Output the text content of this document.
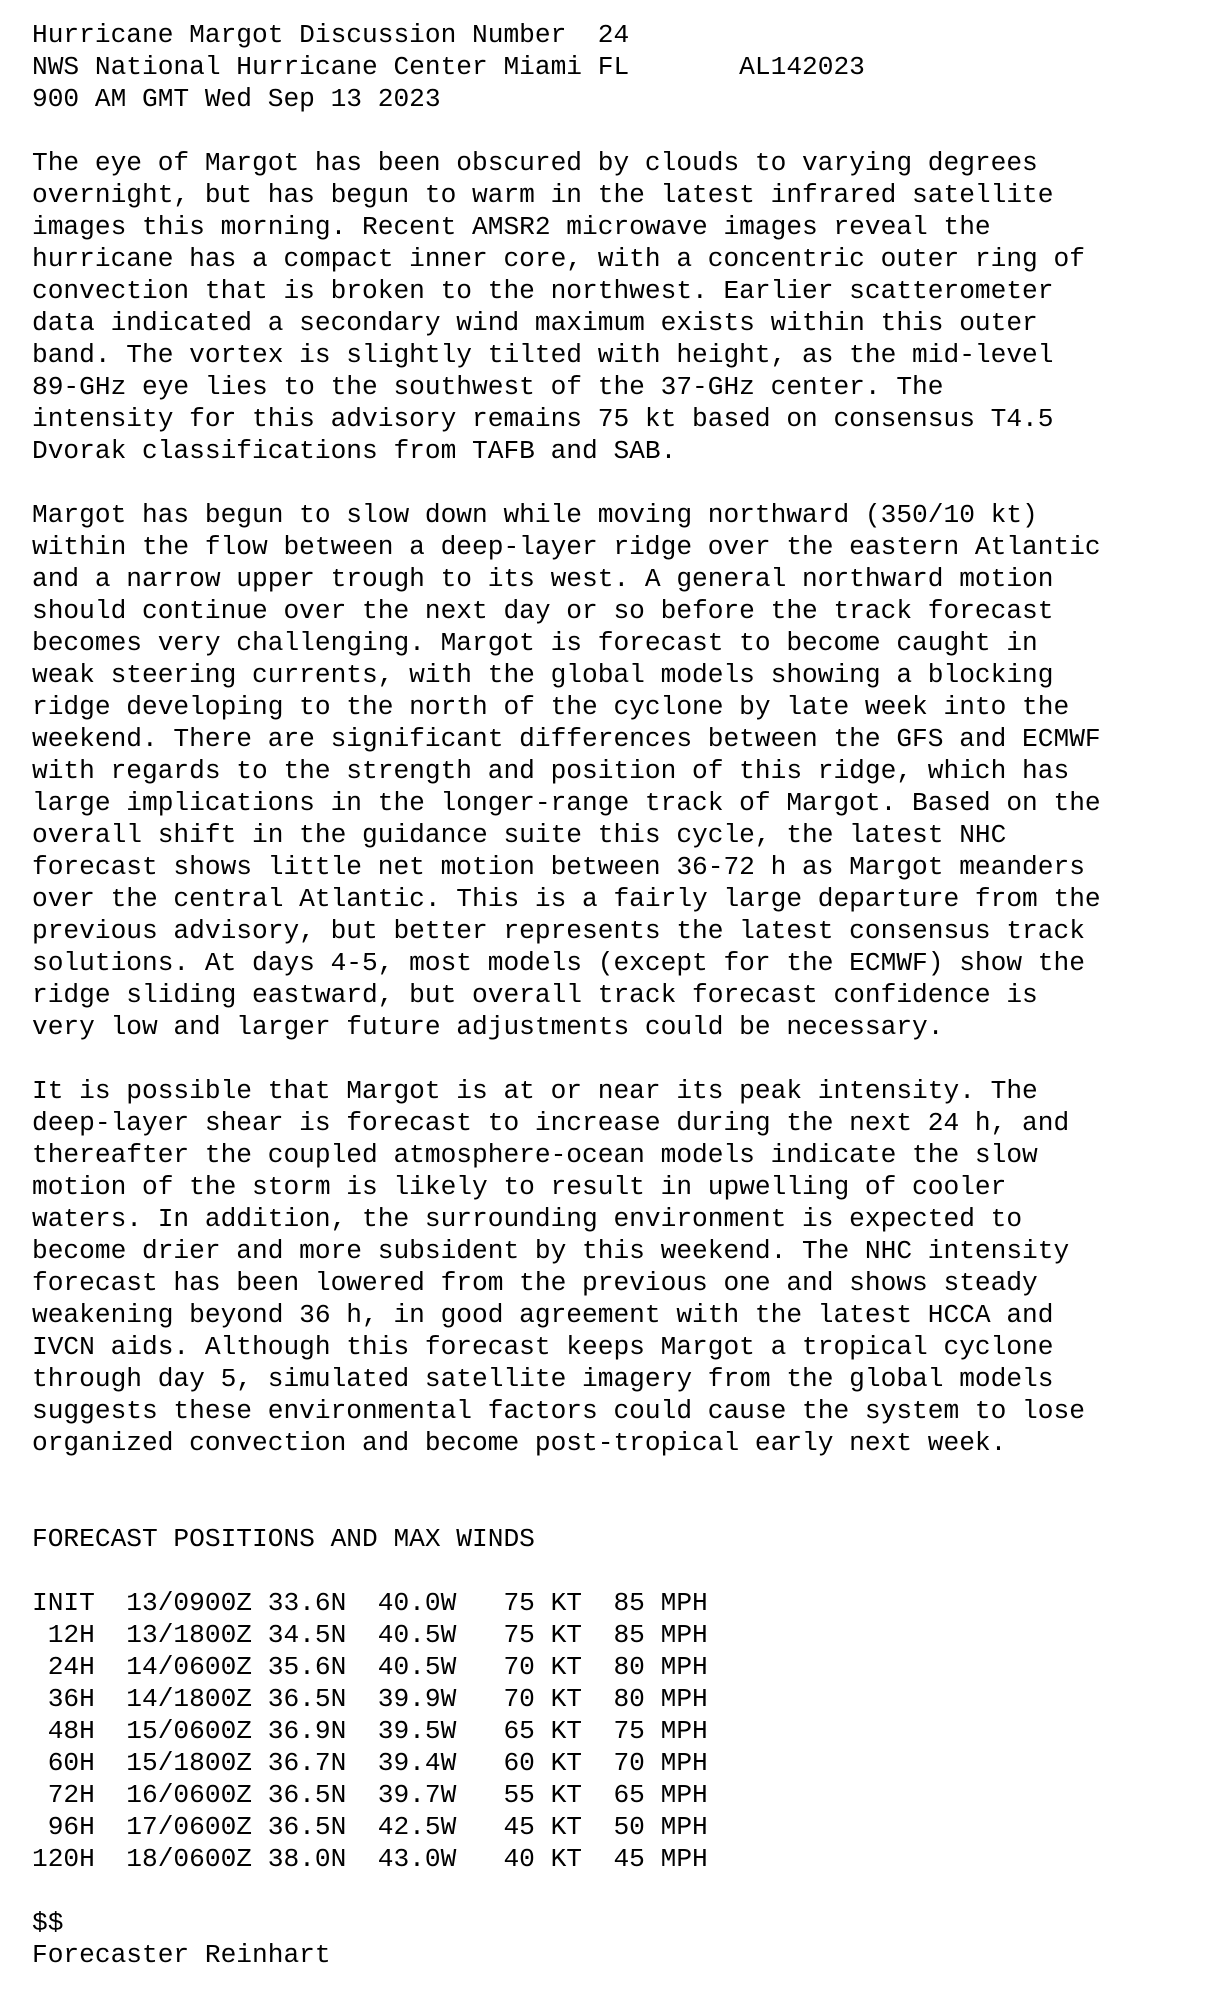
Hurricane Margot Discussion Number  24
NWS National Hurricane Center Miami FL       AL142023
900 AM GMT Wed Sep 13 2023
The eye of Margot has been obscured by clouds to varying degrees
overnight, but has begun to warm in the latest infrared satellite
images this morning. Recent AMSR2 microwave images reveal the
hurricane has a compact inner core, with a concentric outer ring of
convection that is broken to the northwest. Earlier scatterometer
data indicated a secondary wind maximum exists within this outer
band. The vortex is slightly tilted with height, as the mid-level
89-GHz eye lies to the southwest of the 37-GHz center. The
intensity for this advisory remains 75 kt based on consensus T4.5
Dvorak classifications from TAFB and SAB.
Margot has begun to slow down while moving northward (350/10 kt)
within the flow between a deep-layer ridge over the eastern Atlantic
and a narrow upper trough to its west. A general northward motion
should continue over the next day or so before the track forecast
becomes very challenging. Margot is forecast to become caught in
weak steering currents, with the global models showing a blocking
ridge developing to the north of the cyclone by late week into the
weekend. There are significant differences between the GFS and ECMWF
with regards to the strength and position of this ridge, which has
large implications in the longer-range track of Margot. Based on the
overall shift in the guidance suite this cycle, the latest NHC
forecast shows little net motion between 36-72 h as Margot meanders
over the central Atlantic. This is a fairly large departure from the
previous advisory, but better represents the latest consensus track
solutions. At days 4-5, most models (except for the ECMWF) show the
ridge sliding eastward, but overall track forecast confidence is
very low and larger future adjustments could be necessary.
It is possible that Margot is at or near its peak intensity. The
deep-layer shear is forecast to increase during the next 24 h, and
thereafter the coupled atmosphere-ocean models indicate the slow
motion of the storm is likely to result in upwelling of cooler
waters. In addition, the surrounding environment is expected to
become drier and more subsident by this weekend. The NHC intensity
forecast has been lowered from the previous one and shows steady
weakening beyond 36 h, in good agreement with the latest HCCA and
IVCN aids. Although this forecast keeps Margot a tropical cyclone
through day 5, simulated satellite imagery from the global models
suggests these environmental factors could cause the system to lose
organized convection and become post-tropical early next week.
FORECAST POSITIONS AND MAX WINDS
INIT  13/0900Z 33.6N  40.0W   75 KT  85 MPH
12H  13/1800Z 34.5N  40.5W   75 KT  85 MPH
24H  14/0600Z 35.6N  40.5W   70 KT  80 MPH
36H  14/1800Z 36.5N  39.9W   70 KT  80 MPH
48H  15/0600Z 36.9N  39.5W   65 KT  75 MPH
60H  15/1800Z 36.7N  39.4W   60 KT  70 MPH
72H  16/0600Z 36.5N  39.7W   55 KT  65 MPH
96H  17/0600Z 36.5N  42.5W   45 KT  50 MPH
120H  18/0600Z 38.0N  43.0W   40 KT  45 MPH
$$
Forecaster Reinhart
